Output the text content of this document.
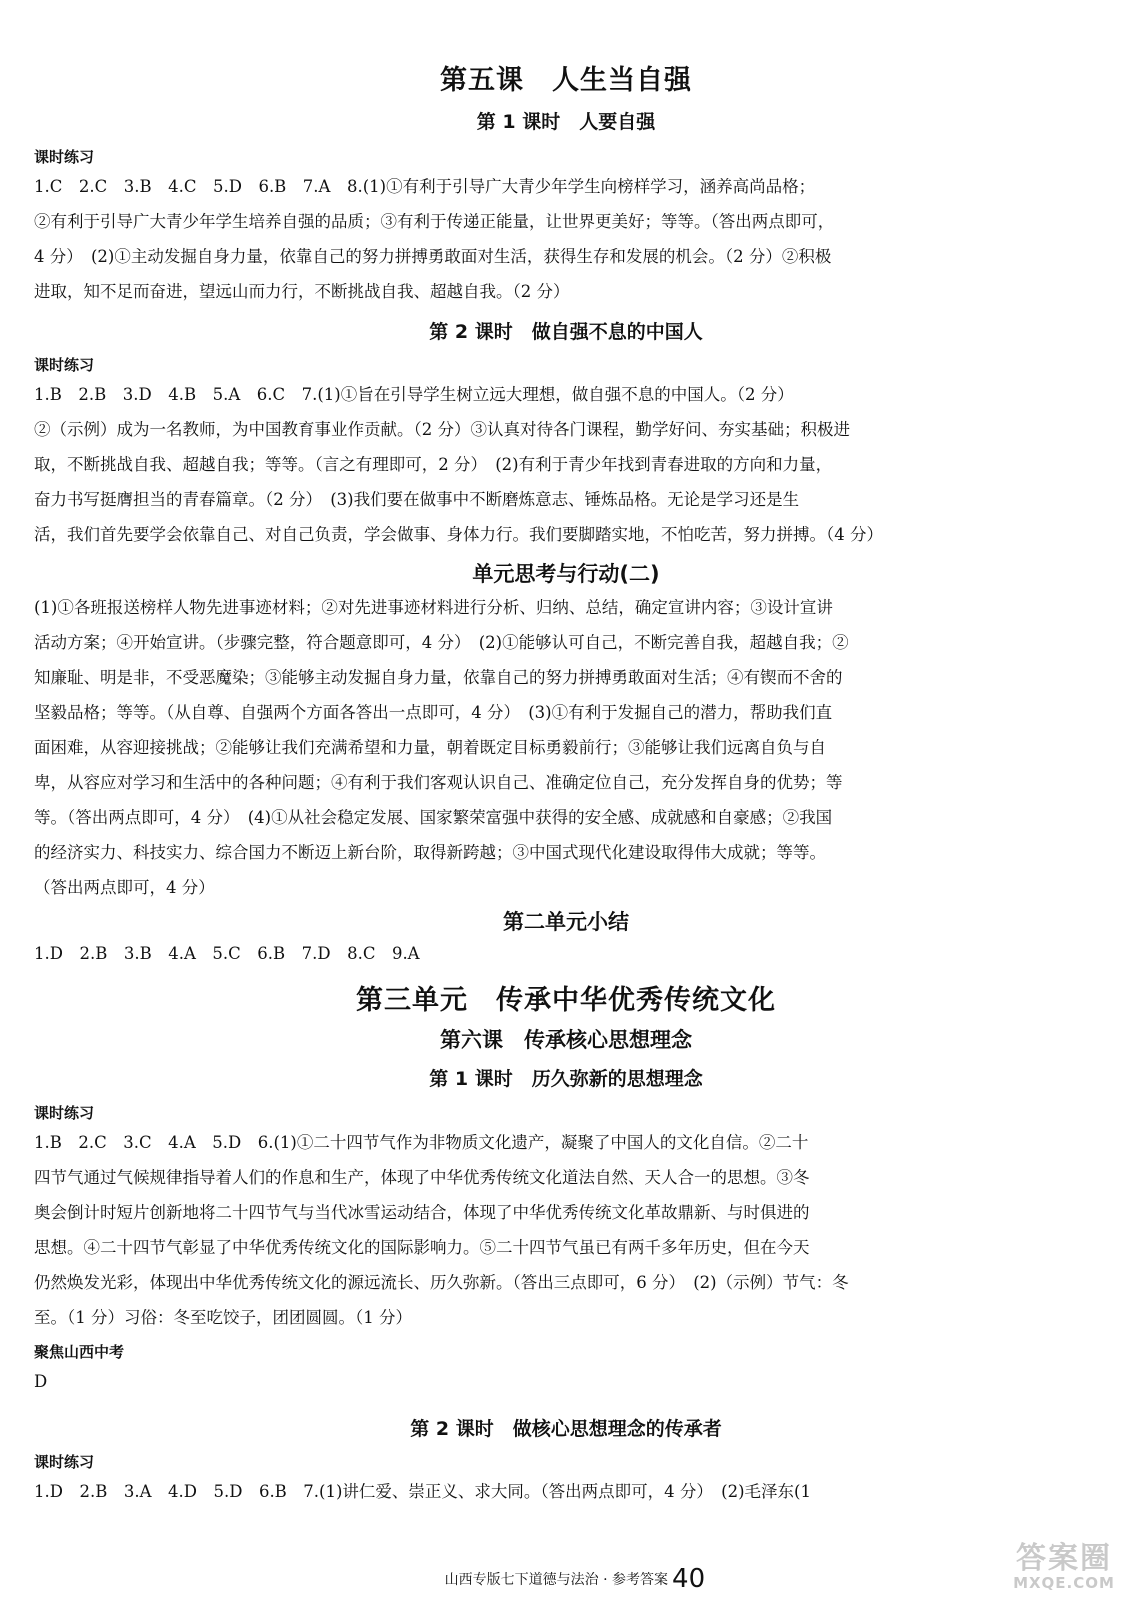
第五课　人生当自强
第 1 课时　人要自强
课时练习
1.C　2.C　3.B　4.C　5.D　6.B　7.A　8.(1)①有利于引导广大青少年学生向榜样学习，涵养高尚品格；
②有利于引导广大青少年学生培养自强的品质；③有利于传递正能量，让世界更美好；等等。（答出两点即可，
4 分）　(2)①主动发掘自身力量，依靠自己的努力拼搏勇敢面对生活，获得生存和发展的机会。（2 分）②积极
进取，知不足而奋进，望远山而力行，不断挑战自我、超越自我。（2 分）
第 2 课时　做自强不息的中国人
课时练习
1.B　2.B　3.D　4.B　5.A　6.C　7.(1)①旨在引导学生树立远大理想，做自强不息的中国人。（2 分）
②（示例）成为一名教师，为中国教育事业作贡献。（2 分）③认真对待各门课程，勤学好问、夯实基础；积极进
取，不断挑战自我、超越自我；等等。（言之有理即可，2 分）　(2)有利于青少年找到青春进取的方向和力量，
奋力书写挺膺担当的青春篇章。（2 分）　(3)我们要在做事中不断磨炼意志、锤炼品格。无论是学习还是生
活，我们首先要学会依靠自己、对自己负责，学会做事、身体力行。我们要脚踏实地，不怕吃苦，努力拼搏。（4 分）
单元思考与行动(二)
(1)①各班报送榜样人物先进事迹材料；②对先进事迹材料进行分析、归纳、总结，确定宣讲内容；③设计宣讲
活动方案；④开始宣讲。（步骤完整，符合题意即可，4 分）　(2)①能够认可自己，不断完善自我，超越自我；②
知廉耻、明是非，不受恶魔染；③能够主动发掘自身力量，依靠自己的努力拼搏勇敢面对生活；④有锲而不舍的
坚毅品格；等等。（从自尊、自强两个方面各答出一点即可，4 分）　(3)①有利于发掘自己的潜力，帮助我们直
面困难，从容迎接挑战；②能够让我们充满希望和力量，朝着既定目标勇毅前行；③能够让我们远离自负与自
卑，从容应对学习和生活中的各种问题；④有利于我们客观认识自己、准确定位自己，充分发挥自身的优势；等
等。（答出两点即可，4 分）　(4)①从社会稳定发展、国家繁荣富强中获得的安全感、成就感和自豪感；②我国
的经济实力、科技实力、综合国力不断迈上新台阶，取得新跨越；③中国式现代化建设取得伟大成就；等等。
（答出两点即可，4 分）
第二单元小结
1.D　2.B　3.B　4.A　5.C　6.B　7.D　8.C　9.A
第三单元　传承中华优秀传统文化
第六课　传承核心思想理念
第 1 课时　历久弥新的思想理念
课时练习
1.B　2.C　3.C　4.A　5.D　6.(1)①二十四节气作为非物质文化遗产，凝聚了中国人的文化自信。②二十
四节气通过气候规律指导着人们的作息和生产，体现了中华优秀传统文化道法自然、天人合一的思想。③冬
奥会倒计时短片创新地将二十四节气与当代冰雪运动结合，体现了中华优秀传统文化革故鼎新、与时俱进的
思想。④二十四节气彰显了中华优秀传统文化的国际影响力。⑤二十四节气虽已有两千多年历史，但在今天
仍然焕发光彩，体现出中华优秀传统文化的源远流长、历久弥新。（答出三点即可，6 分）　(2)（示例）节气：冬
至。（1 分）习俗：冬至吃饺子，团团圆圆。（1 分）
聚焦山西中考
D
第 2 课时　做核心思想理念的传承者
课时练习
1.D　2.B　3.A　4.D　5.D　6.B　7.(1)讲仁爱、崇正义、求大同。（答出两点即可，4 分）　(2)毛泽东(1

山西专版七下道德与法治 · 参考答案 40

答案圈
MXQE.COM
